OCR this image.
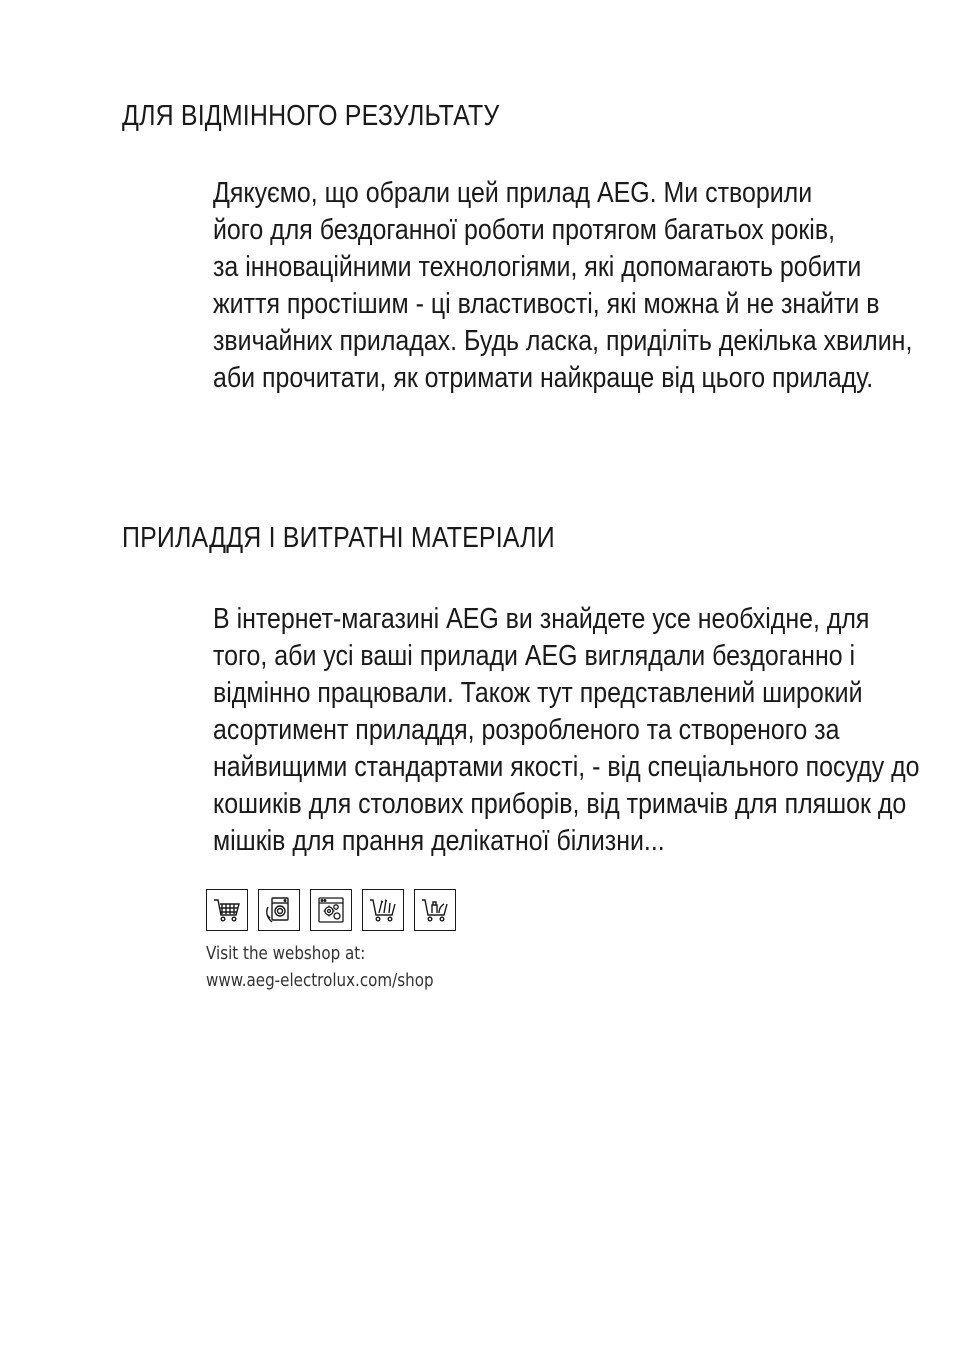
ДЛЯ ВІДМІННОГО РЕЗУЛЬТАТУ

Дякуємо, що обрали цей прилад AEG. Ми створили
його для бездоганної роботи протягом багатьох років,
за інноваційними технологіями, які допомагають робити
життя простішим - ці властивості, які можна й не знайти в
звичайних приладах. Будь ласка, приділіть декілька хвилин,
аби прочитати, як отримати найкраще від цього приладу.

ПРИЛАДДЯ І ВИТРАТНІ МАТЕРІАЛИ

В інтернет-магазині AEG ви знайдете усе необхідне, для
того, аби усі ваші прилади AEG виглядали бездоганно і
відмінно працювали. Також тут представлений широкий
асортимент приладдя, розробленого та створеного за
найвищими стандартами якості, - від спеціального посуду до
кошиків для столових приборів, від тримачів для пляшок до
мішків для прання делікатної білизни...

Visit the webshop at:
www.aeg-electrolux.com/shop
